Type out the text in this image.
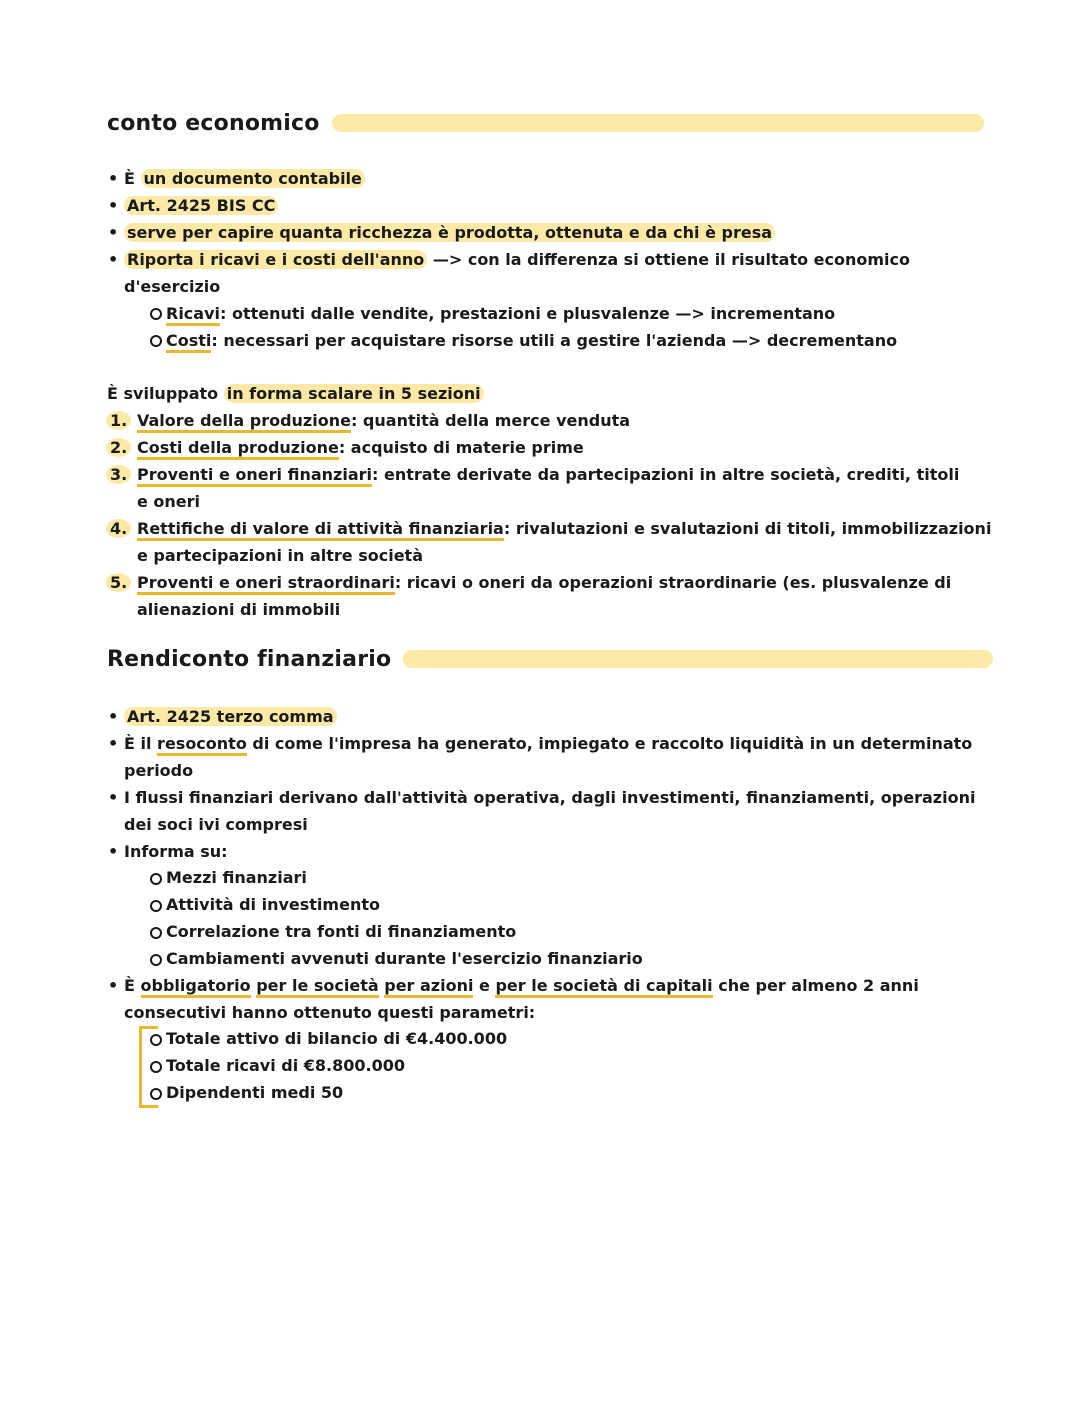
conto economico
• È un documento contabile
• Art. 2425 BIS CC
• serve per capire quanta ricchezza è prodotta, ottenuta e da chi è presa
• Riporta i ricavi e i costi dell'anno —> con la differenza si ottiene il risultato economico
d'esercizio
Ricavi: ottenuti dalle vendite, prestazioni e plusvalenze —> incrementano
Costi: necessari per acquistare risorse utili a gestire l'azienda —> decrementano
È sviluppato in forma scalare in 5 sezioni
1. Valore della produzione: quantità della merce venduta
2. Costi della produzione: acquisto di materie prime
3. Proventi e oneri finanziari: entrate derivate da partecipazioni in altre società, crediti, titoli
e oneri
4. Rettifiche di valore di attività finanziaria: rivalutazioni e svalutazioni di titoli, immobilizzazioni
e partecipazioni in altre società
5. Proventi e oneri straordinari: ricavi o oneri da operazioni straordinarie (es. plusvalenze di
alienazioni di immobili
Rendiconto finanziario
• Art. 2425 terzo comma
• È il resoconto di come l'impresa ha generato, impiegato e raccolto liquidità in un determinato
periodo
• I flussi finanziari derivano dall'attività operativa, dagli investimenti, finanziamenti, operazioni
dei soci ivi compresi
• Informa su:
Mezzi finanziari
Attività di investimento
Correlazione tra fonti di finanziamento
Cambiamenti avvenuti durante l'esercizio finanziario
• È obbligatorio per le società per azioni e per le società di capitali che per almeno 2 anni
consecutivi hanno ottenuto questi parametri:
Totale attivo di bilancio di €4.400.000
Totale ricavi di €8.800.000
Dipendenti medi 50
